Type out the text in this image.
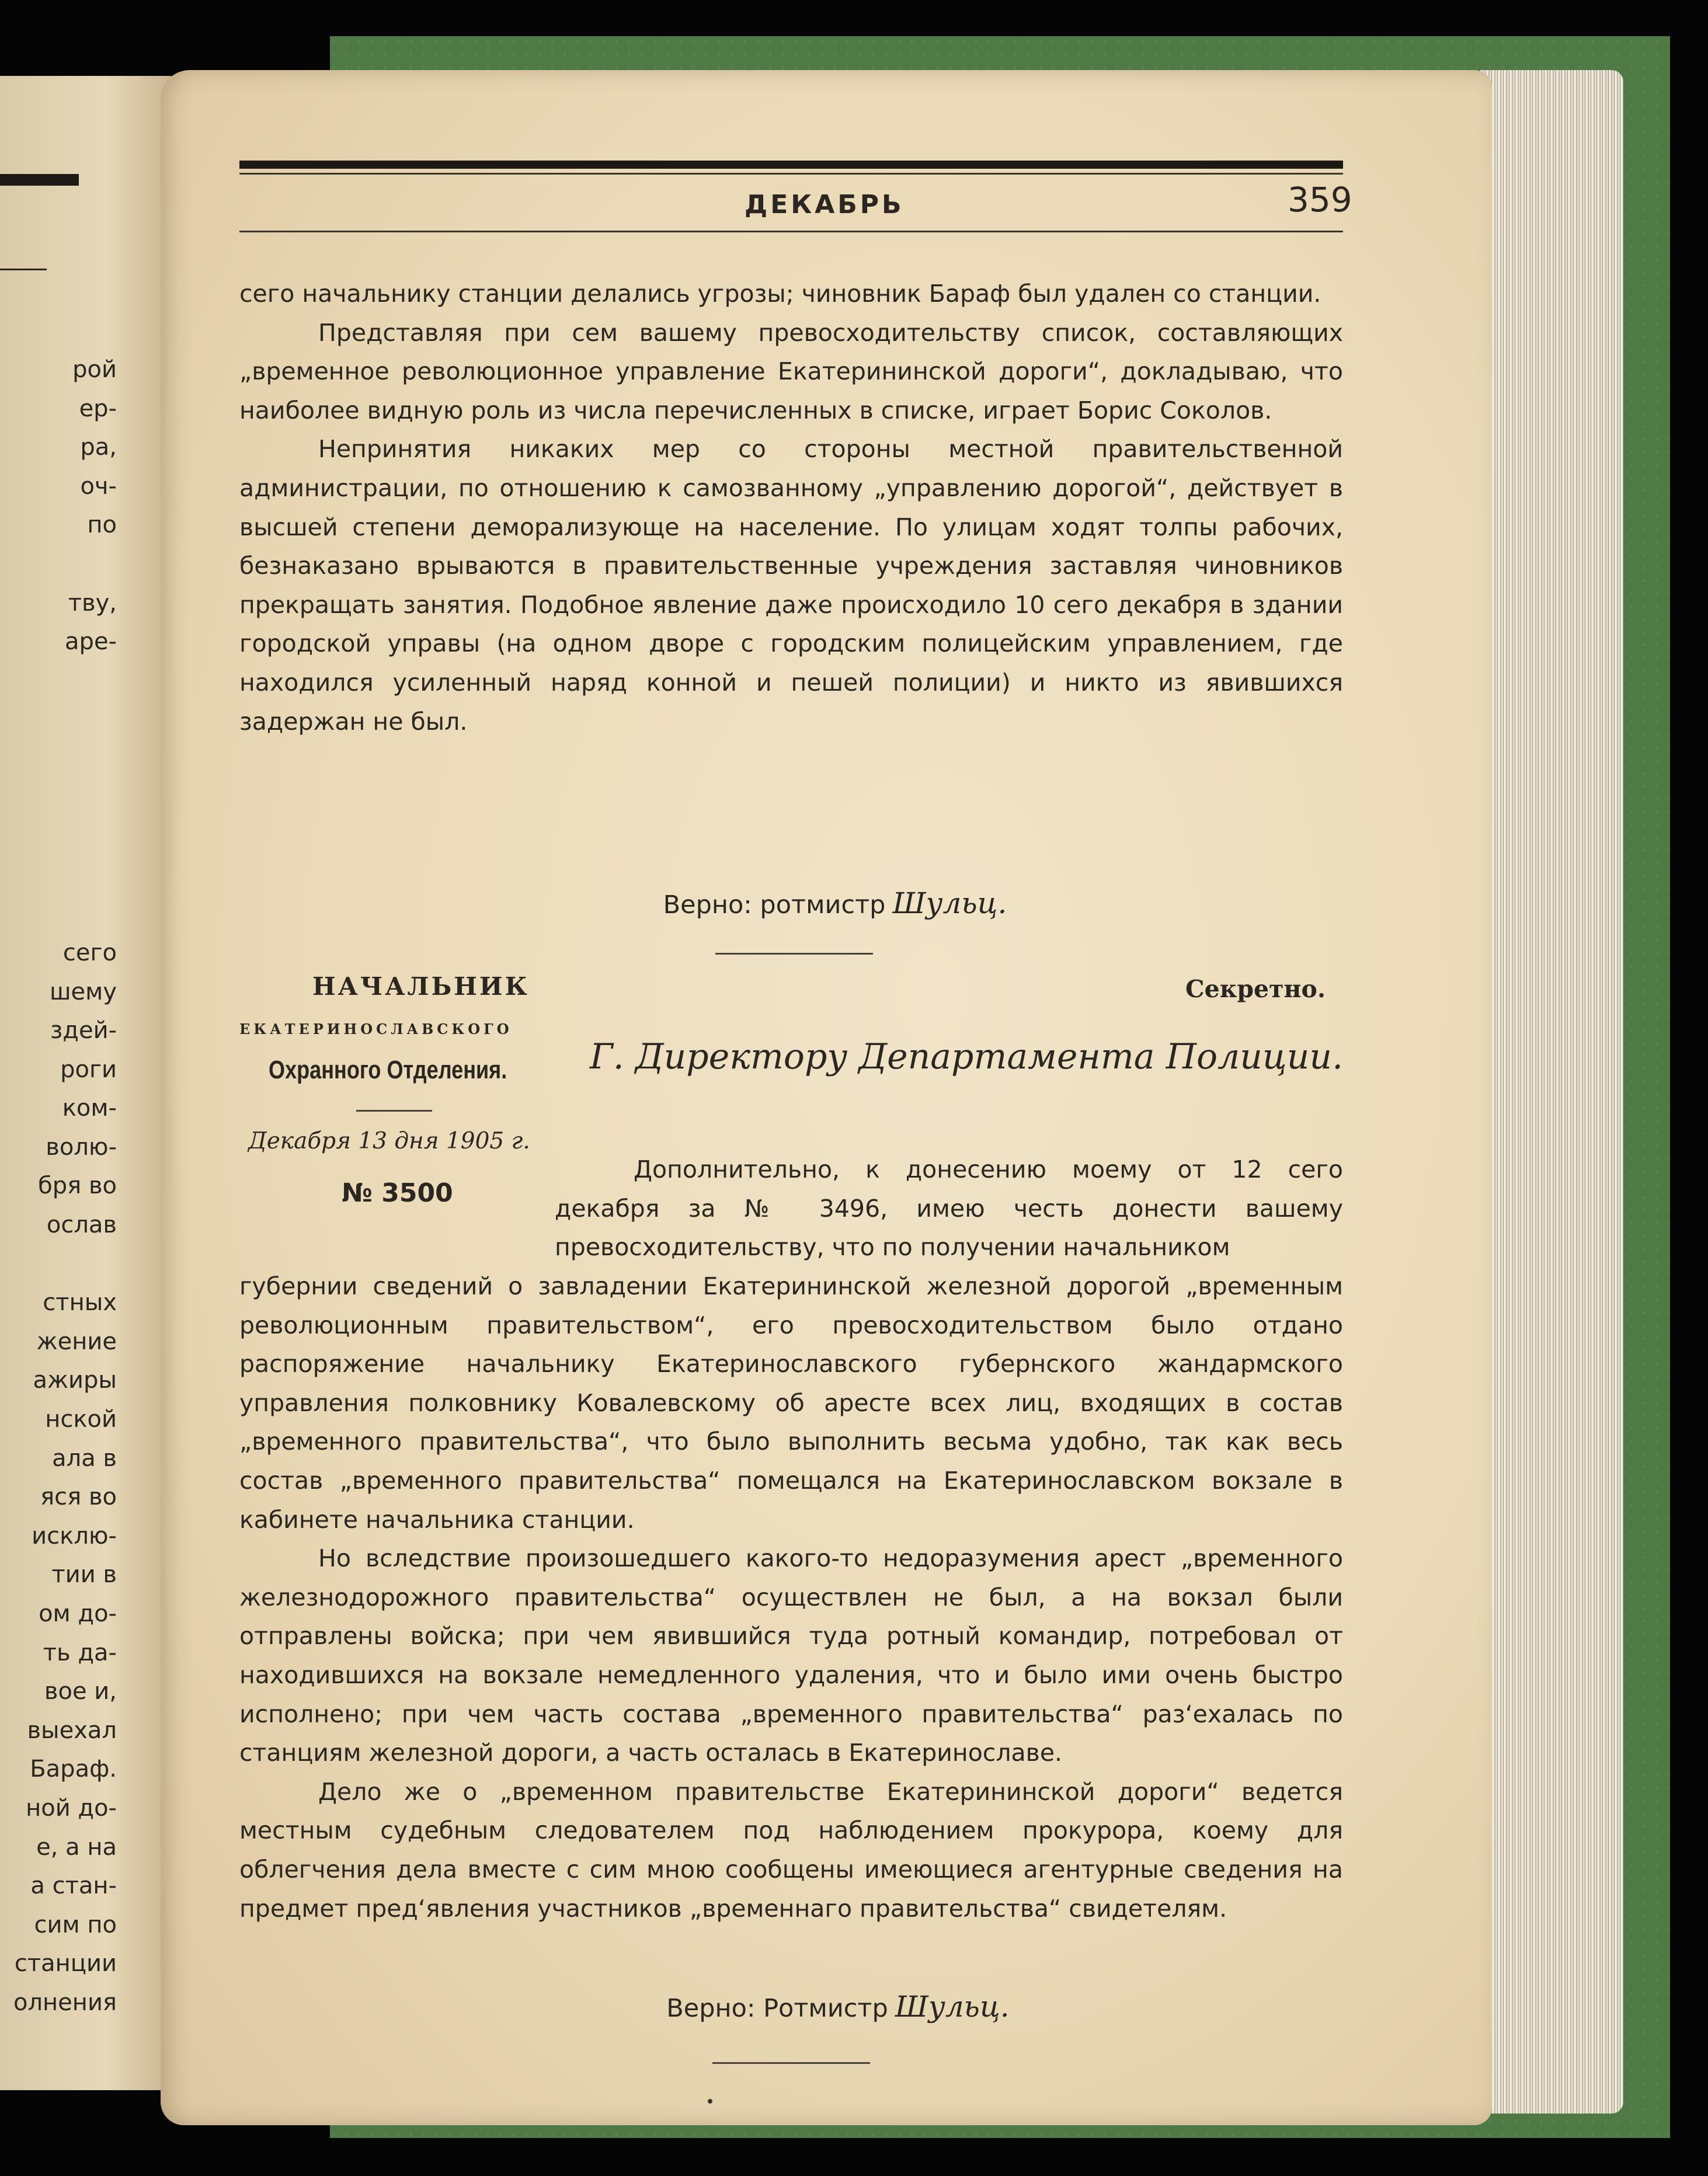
рой
ер-
ра,
оч-
по
тву,
аре-
сего
шему
здей-
роги
ком-
волю-
бря во
ослав
стных
жение
ажиры
нской
ала в
яся во
исклю-
тии в
ом до-
ть да-
вое и,
выехал
Бараф.
ной до-
е, а на
а стан-
сим по
станции
олнения
ДЕКАБРЬ	359

сего начальнику станции делались угрозы; чиновник Бараф был удален со станции.

Представляя при сем вашему превосходительству список, составляющих „временное революционное управление Екатерининской дороги“, докладываю, что наиболее видную роль из числа перечисленных в списке, играет Борис Соколов.

Непринятия никаких мер со стороны местной правительственной администрации, по отношению к самозванному „управлению дорогой“, действует в высшей степени деморализующе на население. По улицам ходят толпы рабочих, безнаказано врываются в правительственные учреждения заставляя чиновников прекращать занятия. Подобное явление даже происходило 10 сего декабря в здании городской управы (на одном дворе с городским полицейским управлением, где находился усиленный наряд конной и пешей полиции) и никто из явившихся задержан не был.

Верно: ротмистр Шульц.
НАЧАЛЬНИК
ЕКАТЕРИНОСЛАВСКОГО
Охранного Отделения.
Декабря 13 дня 1905 г.
№ 3500
Секретно.
Г. Директору Департамента Полиции.

Дополнительно, к донесению моему от 12 сего декабря за № 3496, имею честь донести вашему превосходительству, что по получении начальником

губернии сведений о завладении Екатерининской железной дорогой „временным революционным правительством“, его превосходительством было отдано распоряжение начальнику Екатеринославского губернского жандармского управления полковнику Ковалевскому об аресте всех лиц, входящих в состав „временного правительства“, что было выполнить весьма удобно, так как весь состав „временного правительства“ помещался на Екатеринославском вокзале в кабинете начальника станции.

Но вследствие произошедшего какого-то недоразумения арест „временного железнодорожного правительства“ осуществлен не был, а на вокзал были отправлены войска; при чем явившийся туда ротный командир, потребовал от находившихся на вокзале немедленного удаления, что и было ими очень быстро исполнено; при чем часть состава „временного правительства“ раз‘ехалась по станциям железной дороги, а часть осталась в Екатеринославе.

Дело же о „временном правительстве Екатерининской дороги“ ведется местным судебным следователем под наблюдением прокурора, коему для облегчения дела вместе с сим мною сообщены имеющиеся агентурные сведения на предмет пред‘явления участников „временнаго правительства“ свидетелям.

Верно: Ротмистр Шульц.
